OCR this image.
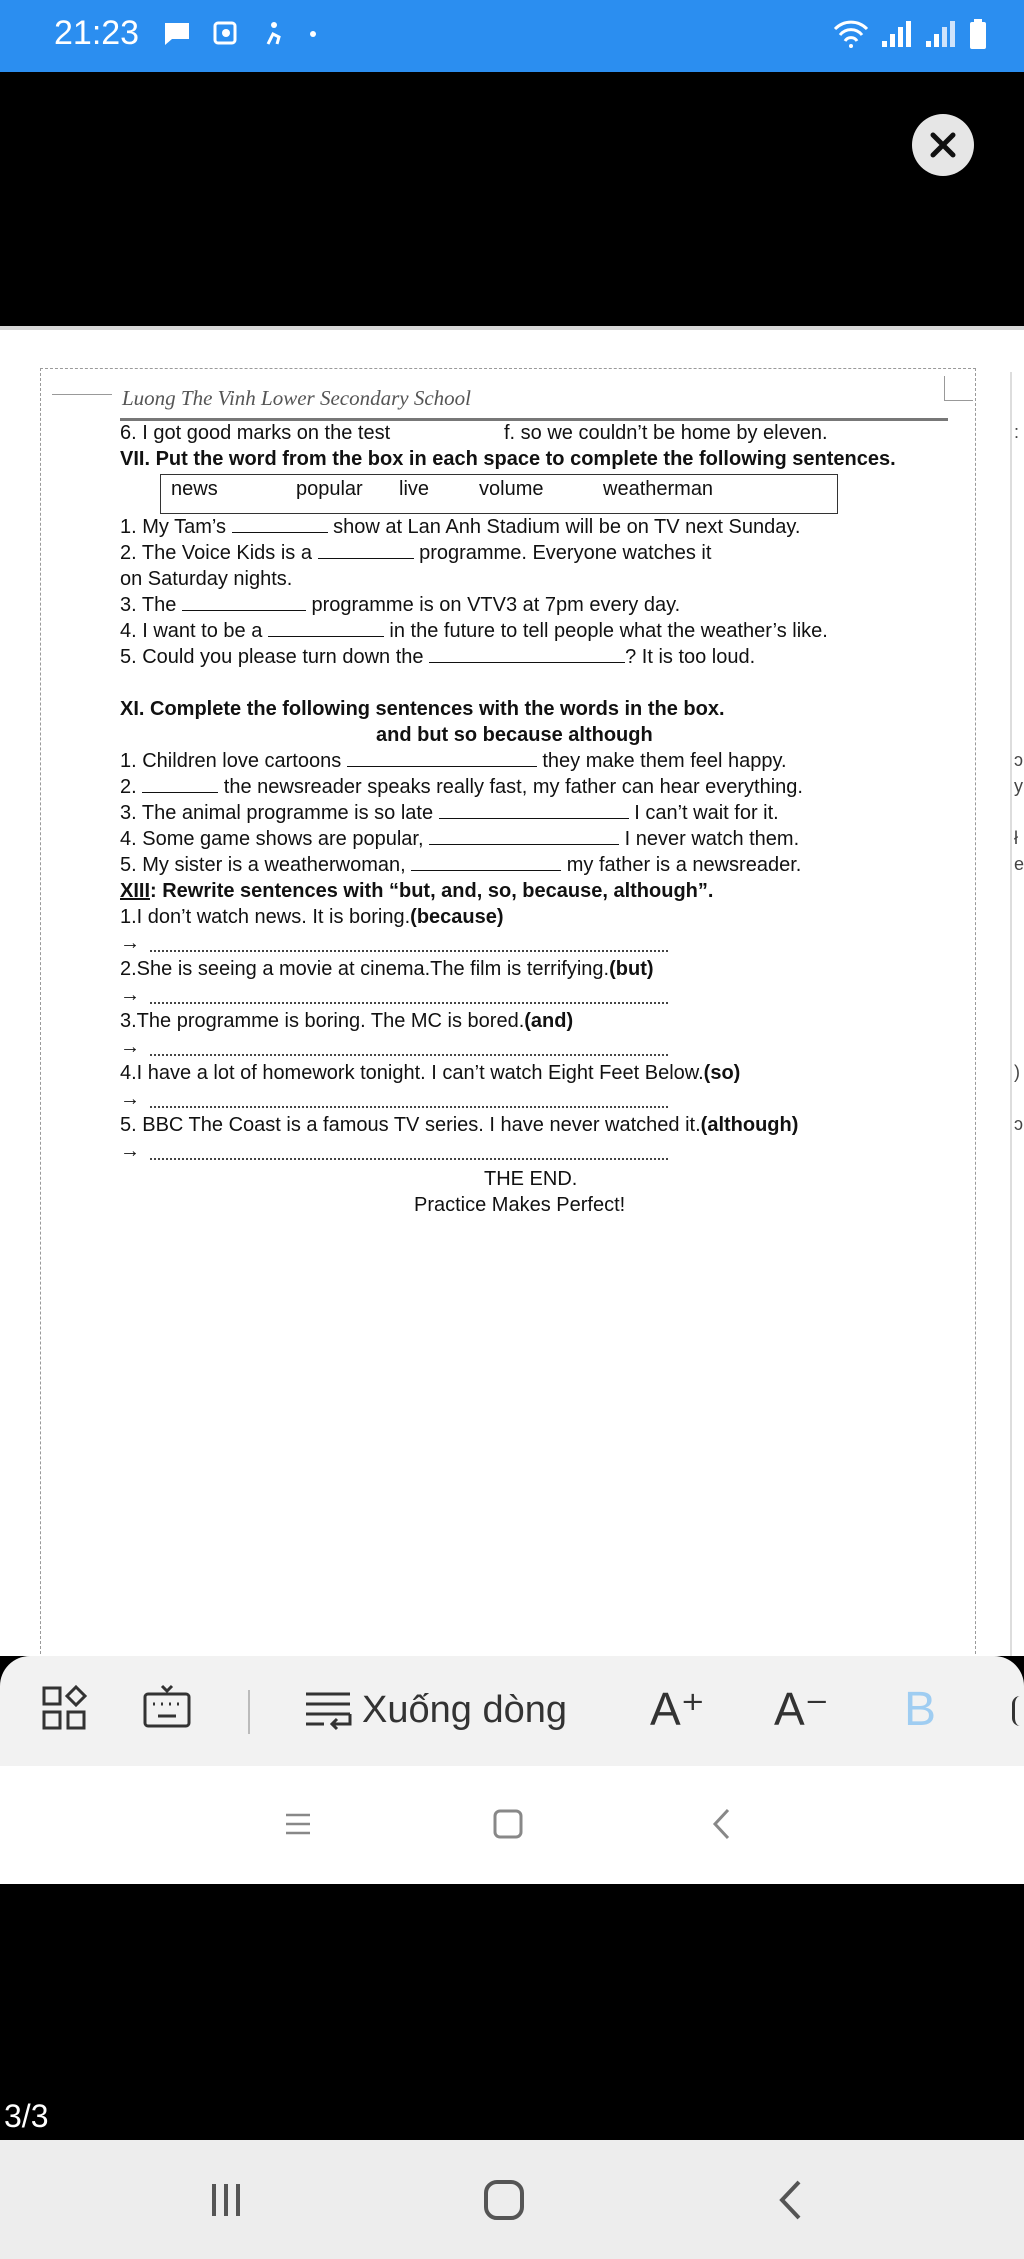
21:23
Luong The Vinh Lower Secondary School
6. I got good marks on the test	f. so we couldn’t be home by eleven.
VII. Put the word from the box in each space to complete the following sentences.
news	popular live volume	weatherman
1. My Tam’s	show at Lan Anh Stadium will be on TV next Sunday.
2. The Voice Kids is a	programme. Everyone watches it
on Saturday nights.
3. The	programme is on VTV3 at 7pm every day.
4. I want to be a	in the future to tell people what the weather’s like.
5. Could you please turn down the	? It is too loud.
XI. Complete the following sentences with the words in the box.
and but so because although
1. Children love cartoons	they make them feel happy.
2.	the newsreader speaks really fast, my father can hear everything.
3. The animal programme is so late	I can’t wait for it.
4. Some game shows are popular,	I never watch them.
5. My sister is a weatherwoman,	my father is a newsreader.
XIII: Rewrite sentences with “but, and, so, because, although”.
1.I don’t watch news. It is boring.(because)
→
2.She is seeing a movie at cinema.The film is terrifying.(but)
→
3.The programme is boring. The MC is bored.(and)
→
4.I have a lot of homework tonight. I can’t watch Eight Feet Below.(so)
→
5. BBC The Coast is a famous TV series. I have never watched it.(although)
→
THE END.
Practice Makes Perfect!
:
ɔ
y
ł
e
)
ɔ
Xuống dòng A⁺ A⁻ B
3/3
